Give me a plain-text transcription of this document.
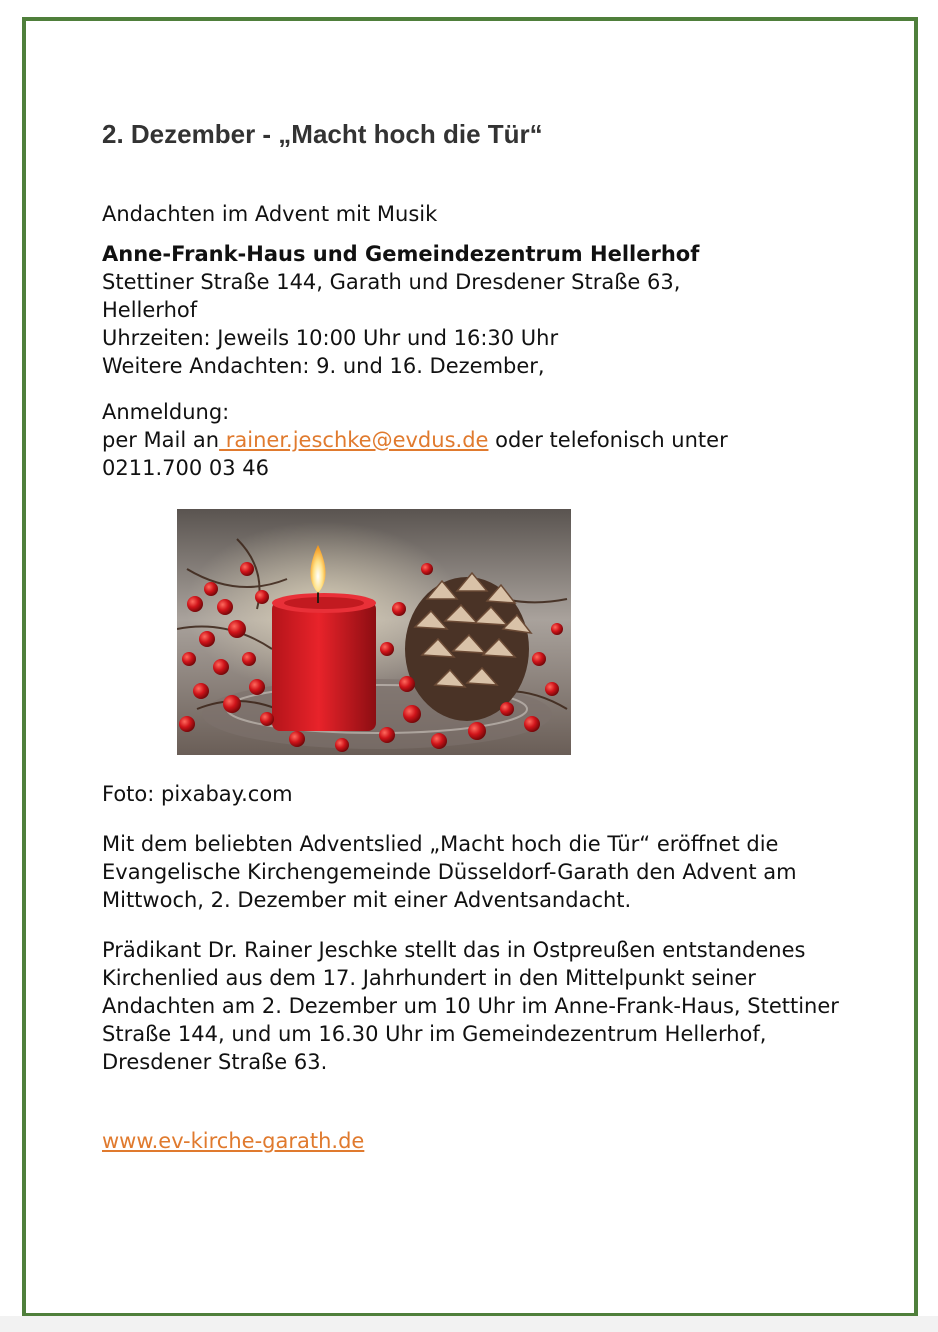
2. Dezember - „Macht hoch die Tür“

Andachten im Advent mit Musik

Anne-Frank-Haus und Gemeindezentrum Hellerhof
Stettiner Straße 144, Garath und Dresdener Straße 63,
Hellerhof
Uhrzeiten: Jeweils 10:00 Uhr und 16:30 Uhr
Weitere Andachten: 9. und 16. Dezember,
Anmeldung:
per Mail an rainer.jeschke@evdus.de oder telefonisch unter
0211.700 03 46

Foto: pixabay.com

Mit dem beliebten Adventslied „Macht hoch die Tür“ eröffnet die Evangelische Kirchengemeinde Düsseldorf-Garath den Advent am Mittwoch, 2. Dezember mit einer Adventsandacht.

Prädikant Dr. Rainer Jeschke stellt das in Ostpreußen entstandenes Kirchenlied aus dem 17. Jahrhundert in den Mittelpunkt seiner Andachten am 2. Dezember um 10 Uhr im Anne-Frank-Haus, Stettiner Straße 144, und um 16.30 Uhr im Gemeindezentrum Hellerhof, Dresdener Straße 63.

www.ev-kirche-garath.de
